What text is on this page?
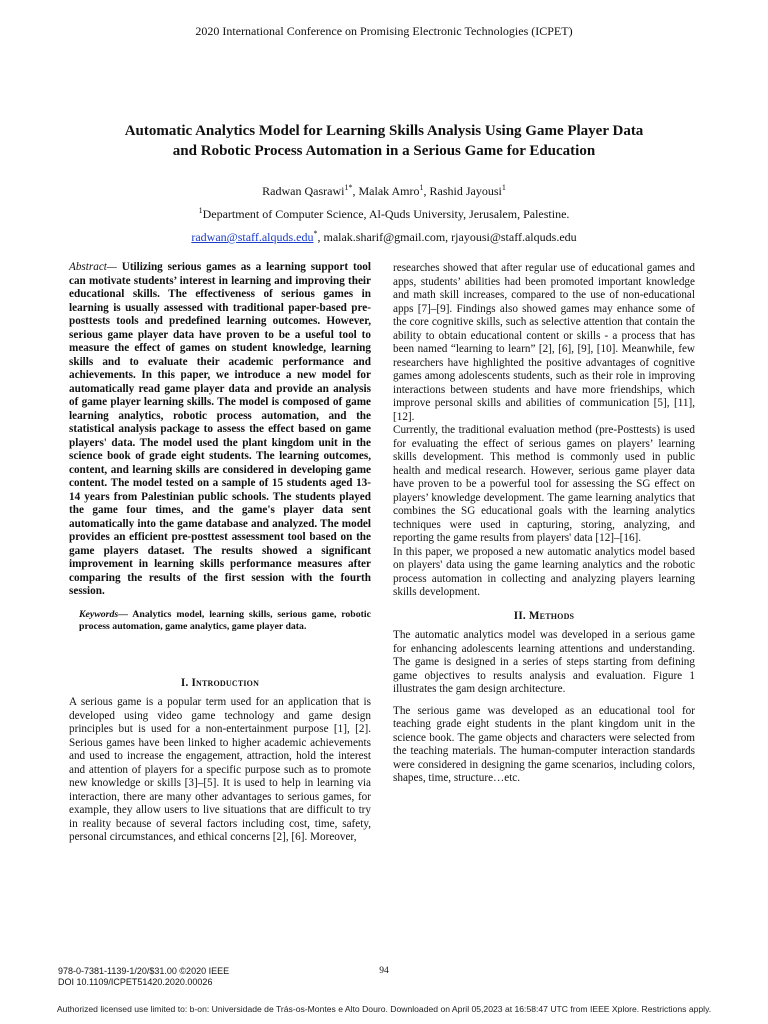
2020 International Conference on Promising Electronic Technologies (ICPET)
Automatic Analytics Model for Learning Skills Analysis Using Game Player Data
and Robotic Process Automation in a Serious Game for Education
Radwan Qasrawi$^{1*}$, Malak Amro$^1$, Rashid Jayousi$^1$
$^1$Department of Computer Science, Al-Quds University, Jerusalem, Palestine.
radwan@staff.alquds.edu*, malak.sharif@gmail.com, rjayousi@staff.alquds.edu

Abstract— Utilizing serious games as a learning support tool can motivate students’ interest in learning and improving their educational skills. The effectiveness of serious games in learning is usually assessed with traditional paper-based pre-posttests tools and predefined learning outcomes. However, serious game player data have proven to be a useful tool to measure the effect of games on student knowledge, learning skills and to evaluate their academic performance and achievements. In this paper, we introduce a new model for automatically read game player data and provide an analysis of game player learning skills. The model is composed of game learning analytics, robotic process automation, and the statistical analysis package to assess the effect based on game players' data. The model used the plant kingdom unit in the science book of grade eight students. The learning outcomes, content, and learning skills are considered in developing game content. The model tested on a sample of 15 students aged 13-14 years from Palestinian public schools. The students played the game four times, and the game's player data sent automatically into the game database and analyzed. The model provides an efficient pre-posttest assessment tool based on the game players dataset. The results showed a significant improvement in learning skills performance measures after comparing the results of the first session with the fourth session.

Keywords— Analytics model, learning skills, serious game, robotic process automation, game analytics, game player data.

I. Introduction

A serious game is a popular term used for an application that is developed using video game technology and game design principles but is used for a non-entertainment purpose [1], [2]. Serious games have been linked to higher academic achievements and used to increase the engagement, attraction, hold the interest and attention of players for a specific purpose such as to promote new knowledge or skills [3]–[5]. It is used to help in learning via interaction, there are many other advantages to serious games, for example, they allow users to live situations that are difficult to try in reality because of several factors including cost, time, safety, personal circumstances, and ethical concerns [2], [6]. Moreover,

researches showed that after regular use of educational games and apps, students’ abilities had been promoted important knowledge and math skill increases, compared to the use of non-educational apps [7]–[9]. Findings also showed games may enhance some of the core cognitive skills, such as selective attention that contain the ability to obtain educational content or skills - a process that has been named “learning to learn” [2], [6], [9], [10]. Meanwhile, few researchers have highlighted the positive advantages of cognitive games among adolescents students, such as their role in improving interactions between students and have more friendships, which improve personal skills and abilities of communication [5], [11], [12].

Currently, the traditional evaluation method (pre-Posttests) is used for evaluating the effect of serious games on players’ learning skills development. This method is commonly used in public health and medical research. However, serious game player data have proven to be a powerful tool for assessing the SG effect on players’ knowledge development. The game learning analytics that combines the SG educational goals with the learning analytics techniques were used in capturing, storing, analyzing, and reporting the game results from players' data [12]–[16].

In this paper, we proposed a new automatic analytics model based on players' data using the game learning analytics and the robotic process automation in collecting and analyzing players learning skills development.

II. Methods

The automatic analytics model was developed in a serious game for enhancing adolescents learning attentions and understanding. The game is designed in a series of steps starting from defining game objectives to results analysis and evaluation. Figure 1 illustrates the gam design architecture.

The serious game was developed as an educational tool for teaching grade eight students in the plant kingdom unit in the science book. The game objects and characters were selected from the teaching materials. The human-computer interaction standards were considered in designing the game scenarios, including colors, shapes, time, structure…etc.

978-0-7381-1139-1/20/$31.00 ©2020 IEEE
DOI 10.1109/ICPET51420.2020.00026
94
Authorized licensed use limited to: b-on: Universidade de Trás-os-Montes e Alto Douro. Downloaded on April 05,2023 at 16:58:47 UTC from IEEE Xplore. Restrictions apply.
